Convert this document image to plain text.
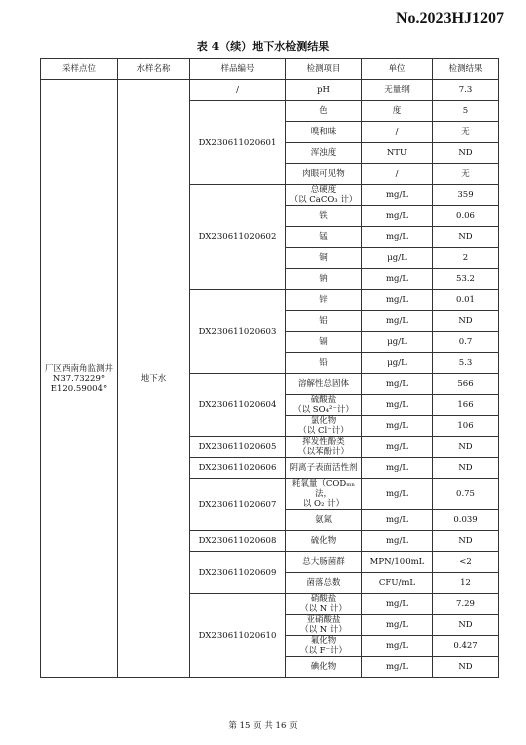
No.2023HJ1207
表 4（续）地下水检测结果
采样点位	水样名称	样品编号	检测项目	单位	检测结果

厂区西南角监测井
N37.73229°
E120.59004°	地下水	/	pH	无量纲	7.3
		DX230611020601	色	度	5

			嗅和味	/	无

			浑浊度	NTU	ND

			肉眼可见物	/	无
		DX230611020602	总硬度
（以 CaCO₃ 计）	mg/L	359

			铁	mg/L	0.06

			锰	mg/L	ND

			铜	μg/L	2

			钠	mg/L	53.2
		DX230611020603	锌	mg/L	0.01

			铝	mg/L	ND

			镉	μg/L	0.7

			铅	μg/L	5.3
		DX230611020604	溶解性总固体	mg/L	566

			硫酸盐
（以 SO₄²⁻计）	mg/L	166

			氯化物
（以 Cl⁻计）	mg/L	106
		DX230611020605	挥发性酚类
（以苯酚计）	mg/L	ND
		DX230611020606	阴离子表面活性剂	mg/L	ND
		DX230611020607	耗氧量（CODₘₙ法，
以 O₂ 计）	mg/L	0.75

			氨氮	mg/L	0.039
		DX230611020608	硫化物	mg/L	ND
		DX230611020609	总大肠菌群	MPN/100mL	<2

			菌落总数	CFU/mL	12
		DX230611020610	硝酸盐
（以 N 计）	mg/L	7.29

			亚硝酸盐
（以 N 计）	mg/L	ND

			氟化物
（以 F⁻计）	mg/L	0.427

			碘化物	mg/L	ND
第 15 页 共 16 页
